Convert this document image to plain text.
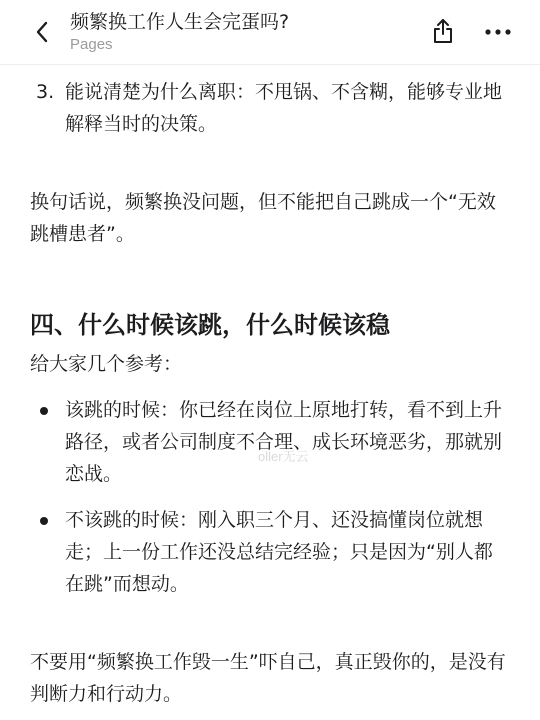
频繁换工作人生会完蛋吗?
Pages
3. 能说清楚为什么离职：不甩锅、不含糊，能够专业地解释当时的决策。

换句话说，频繁换没问题，但不能把自己跳成一个“无效跳槽患者”。

四、什么时候该跳，什么时候该稳

给大家几个参考：

该跳的时候：你已经在岗位上原地打转，看不到上升路径，或者公司制度不合理、成长环境恶劣，那就别恋战。
不该跳的时候：刚入职三个月、还没搞懂岗位就想走；上一份工作还没总结完经验；只是因为“别人都在跳”而想动。

不要用“频繁换工作毁一生”吓自己，真正毁你的，是没有判断力和行动力。

oller无云
